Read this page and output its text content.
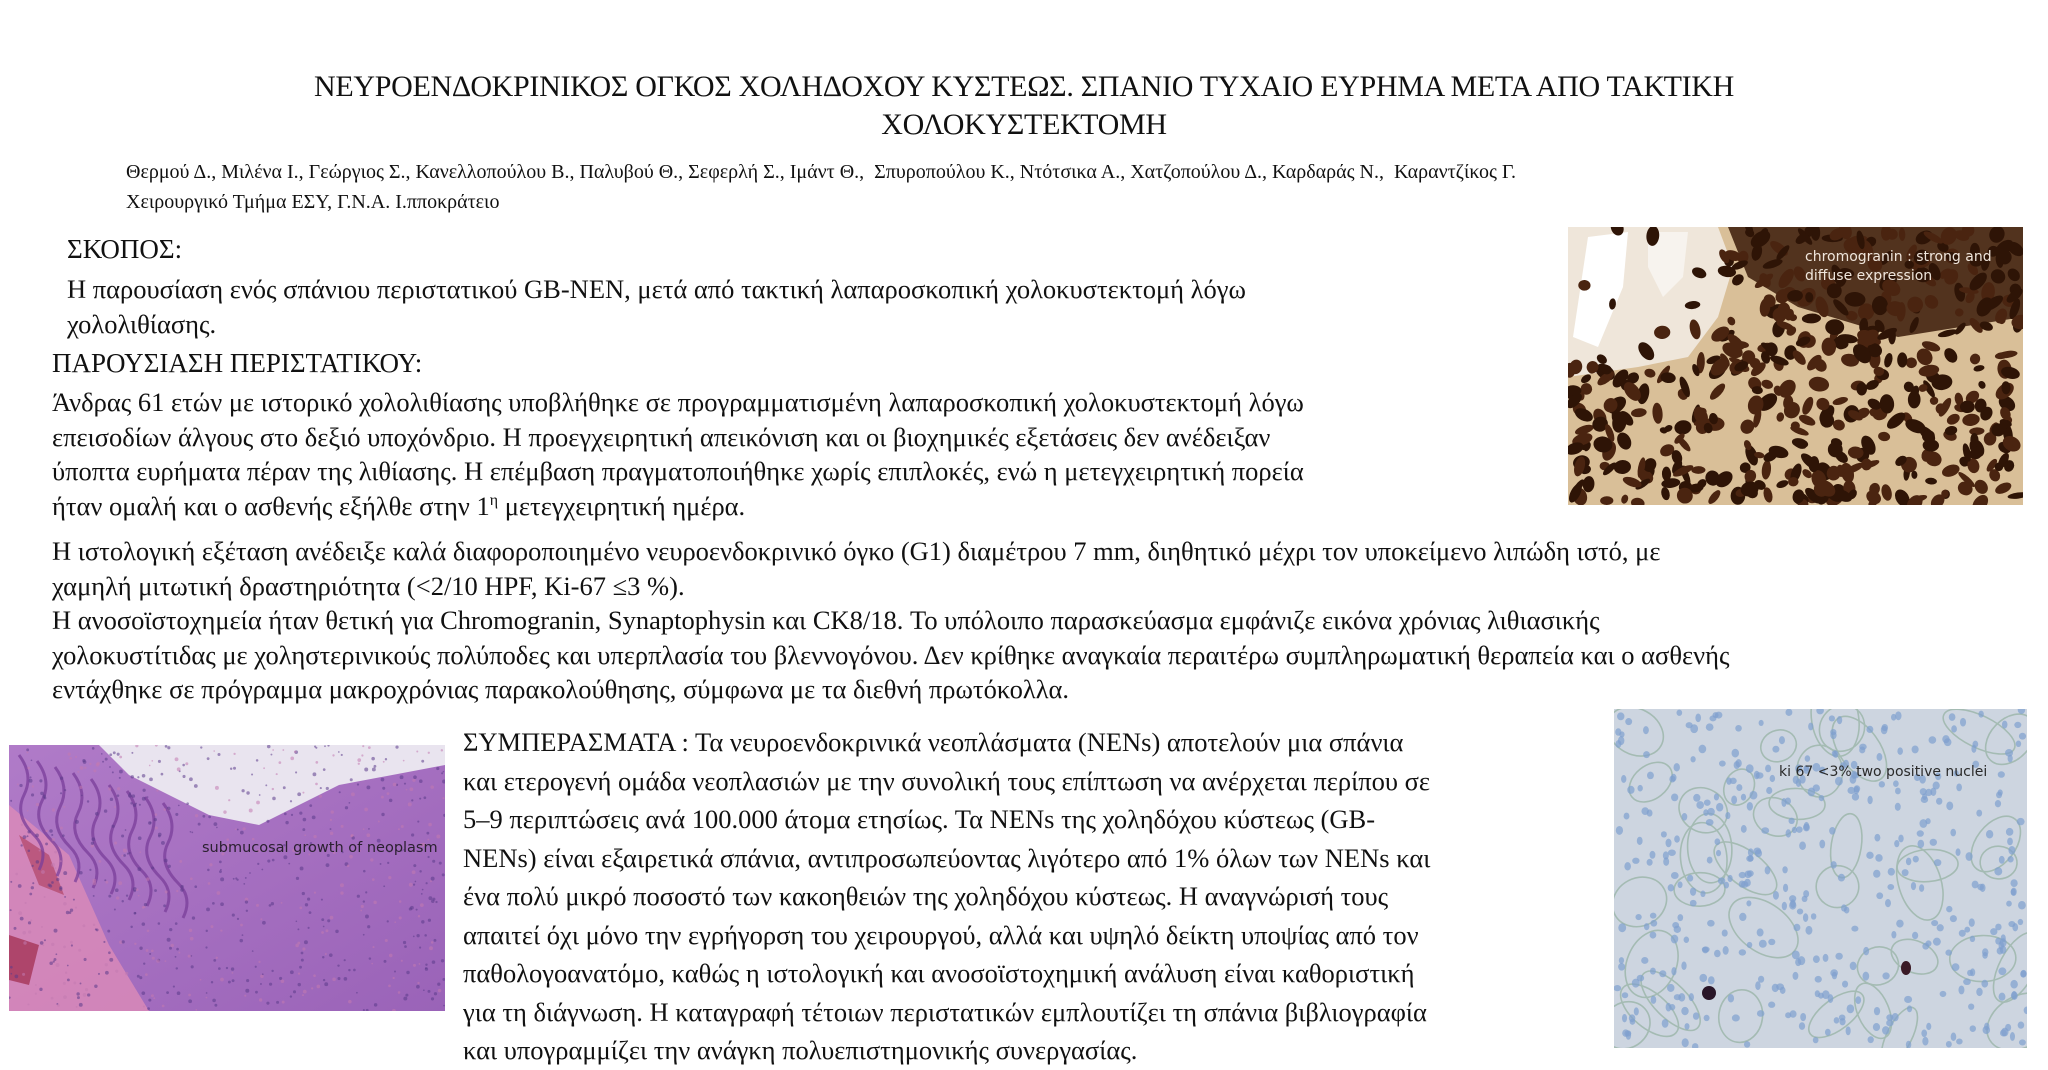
ΝΕΥΡΟΕΝΔΟΚΡΙΝΙΚΟΣ ΟΓΚΟΣ ΧΟΛΗΔΟΧΟΥ ΚΥΣΤΕΩΣ. ΣΠΑΝΙΟ ΤΥΧΑΙΟ ΕΥΡΗΜΑ ΜΕΤΑ ΑΠΟ ΤΑΚΤΙΚΗ
ΧΟΛΟΚΥΣΤΕΚΤΟΜΗ
Θερμού Δ., Μιλένα Ι., Γεώργιος Σ., Κανελλοπούλου Β., Παλυβού Θ., Σεφερλή Σ., Ιμάντ Θ.,  Σπυροπούλου Κ., Ντότσικα Α., Χατζοπούλου Δ., Καρδαράς Ν.,  Καραντζίκος Γ.
Χειρουργικό Τμήμα ΕΣΥ, Γ.Ν.Α. Ι.πποκράτειο
ΣΚΟΠΟΣ:
Η παρουσίαση ενός σπάνιου περιστατικού GB-NEN, μετά από τακτική λαπαροσκοπική χολοκυστεκτομή λόγω
χολολιθίασης.
ΠΑΡΟΥΣΙΑΣΗ ΠΕΡΙΣΤΑΤΙΚΟΥ:
Άνδρας 61 ετών με ιστορικό χολολιθίασης υποβλήθηκε σε προγραμματισμένη λαπαροσκοπική χολοκυστεκτομή λόγω
επεισοδίων άλγους στο δεξιό υποχόνδριο. Η προεγχειρητική απεικόνιση και οι βιοχημικές εξετάσεις δεν ανέδειξαν
ύποπτα ευρήματα πέραν της λιθίασης. Η επέμβαση πραγματοποιήθηκε χωρίς επιπλοκές, ενώ η μετεγχειρητική πορεία
ήταν ομαλή και ο ασθενής εξήλθε στην $1^\eta$ μετεγχειρητική ημέρα.
Η ιστολογική εξέταση ανέδειξε καλά διαφοροποιημένο νευροενδοκρινικό όγκο (G1) διαμέτρου 7 mm, διηθητικό μέχρι τον υποκείμενο λιπώδη ιστό, με
χαμηλή μιτωτική δραστηριότητα (<2/10 HPF, Ki-67 ≤3 %).
Η ανοσοϊστοχημεία ήταν θετική για Chromogranin, Synaptophysin και CK8/18. Το υπόλοιπο παρασκεύασμα εμφάνιζε εικόνα χρόνιας λιθιασικής
χολοκυστίτιδας με χοληστερινικούς πολύποδες και υπερπλασία του βλεννογόνου. Δεν κρίθηκε αναγκαία περαιτέρω συμπληρωματική θεραπεία και ο ασθενής
εντάχθηκε σε πρόγραμμα μακροχρόνιας παρακολούθησης, σύμφωνα με τα διεθνή πρωτόκολλα.
ΣΥΜΠΕΡΑΣΜΑΤΑ : Τα νευροενδοκρινικά νεοπλάσματα (NENs) αποτελούν μια σπάνια
και ετερογενή ομάδα νεοπλασιών με την συνολική τους επίπτωση να ανέρχεται περίπου σε
5–9 περιπτώσεις ανά 100.000 άτομα ετησίως. Τα NENs της χοληδόχου κύστεως (GB-
NENs) είναι εξαιρετικά σπάνια, αντιπροσωπεύοντας λιγότερο από 1% όλων των NENs και
ένα πολύ μικρό ποσοστό των κακοηθειών της χοληδόχου κύστεως. Η αναγνώρισή τους
απαιτεί όχι μόνο την εγρήγορση του χειρουργού, αλλά και υψηλό δείκτη υποψίας από τον
παθολογοανατόμο, καθώς η ιστολογική και ανοσοϊστοχημική ανάλυση είναι καθοριστική
για τη διάγνωση. Η καταγραφή τέτοιων περιστατικών εμπλουτίζει τη σπάνια βιβλιογραφία
και υπογραμμίζει την ανάγκη πολυεπιστημονικής συνεργασίας.
chromogranin : strong and
diffuse expression
submucosal growth of neoplasm
ki 67 <3% two positive nuclei
